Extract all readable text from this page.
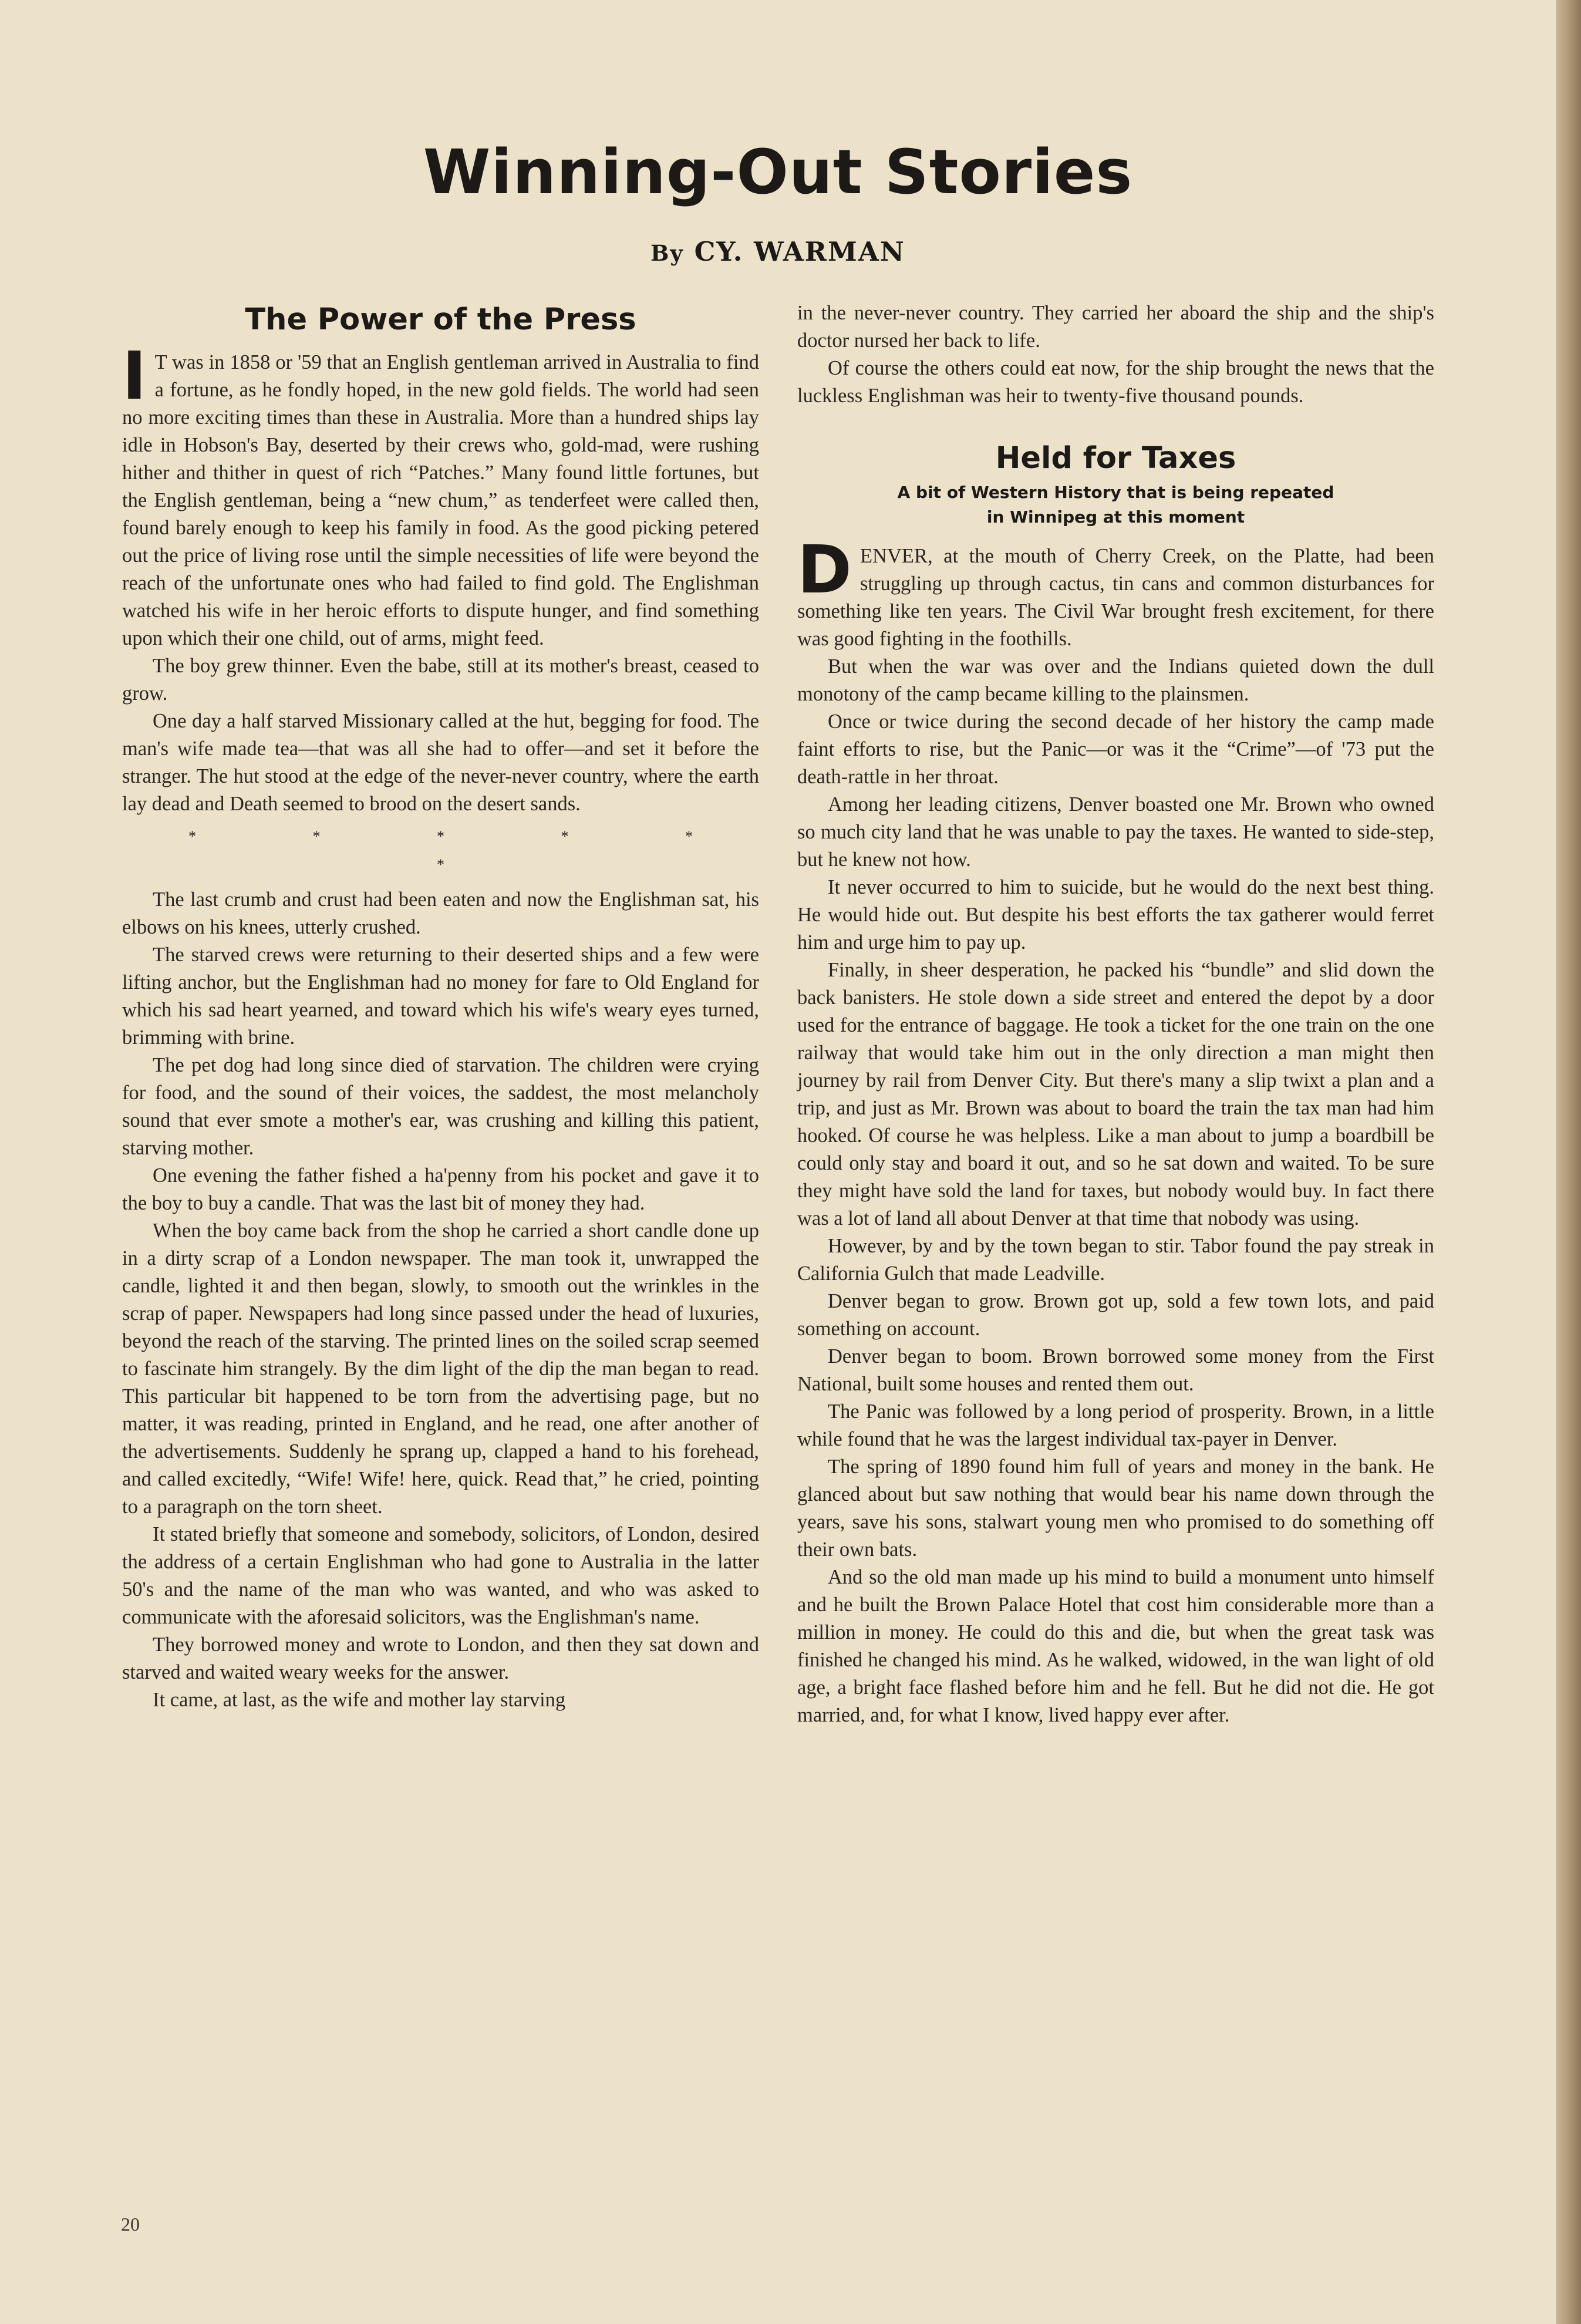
Winning-Out Stories
By CY. WARMAN
The Power of the Press

I T was in 1858 or '59 that an English gentleman arrived in Australia to find a fortune, as he fondly hoped, in the new gold fields. The world had seen no more exciting times than these in Australia. More than a hundred ships lay idle in Hobson's Bay, deserted by their crews who, gold-mad, were rushing hither and thither in quest of rich “Patches.” Many found little fortunes, but the English gentleman, being a “new chum,” as tenderfeet were called then, found barely enough to keep his family in food. As the good picking petered out the price of living rose until the simple necessities of life were beyond the reach of the unfortunate ones who had failed to find gold. The Englishman watched his wife in her heroic efforts to dispute hunger, and find something upon which their one child, out of arms, might feed.

The boy grew thinner. Even the babe, still at its mother's breast, ceased to grow.

One day a half starved Missionary called at the hut, begging for food. The man's wife made tea—that was all she had to offer—and set it before the stranger. The hut stood at the edge of the never-never country, where the earth lay dead and Death seemed to brood on the desert sands.

* * * * * *

The last crumb and crust had been eaten and now the Englishman sat, his elbows on his knees, utterly crushed.

The starved crews were returning to their deserted ships and a few were lifting anchor, but the Englishman had no money for fare to Old England for which his sad heart yearned, and toward which his wife's weary eyes turned, brimming with brine.

The pet dog had long since died of starvation. The children were crying for food, and the sound of their voices, the saddest, the most melancholy sound that ever smote a mother's ear, was crushing and killing this patient, starving mother.

One evening the father fished a ha'penny from his pocket and gave it to the boy to buy a candle. That was the last bit of money they had.

When the boy came back from the shop he carried a short candle done up in a dirty scrap of a London newspaper. The man took it, unwrapped the candle, lighted it and then began, slowly, to smooth out the wrinkles in the scrap of paper. Newspapers had long since passed under the head of luxuries, beyond the reach of the starving. The printed lines on the soiled scrap seemed to fascinate him strangely. By the dim light of the dip the man began to read. This particular bit happened to be torn from the advertising page, but no matter, it was reading, printed in England, and he read, one after another of the advertisements. Suddenly he sprang up, clapped a hand to his forehead, and called excitedly, “Wife! Wife! here, quick. Read that,” he cried, pointing to a paragraph on the torn sheet.

It stated briefly that someone and somebody, solicitors, of London, desired the address of a certain Englishman who had gone to Australia in the latter 50's and the name of the man who was wanted, and who was asked to communicate with the aforesaid solicitors, was the Englishman's name.

They borrowed money and wrote to London, and then they sat down and starved and waited weary weeks for the answer.

It came, at last, as the wife and mother lay starving

in the never-never country. They carried her aboard the ship and the ship's doctor nursed her back to life.

Of course the others could eat now, for the ship brought the news that the luckless Englishman was heir to twenty-five thousand pounds.

Held for Taxes
A bit of Western History that is being repeated
in Winnipeg at this moment

DENVER, at the mouth of Cherry Creek, on the Platte, had been struggling up through cactus, tin cans and common disturbances for something like ten years. The Civil War brought fresh excitement, for there was good fighting in the foothills.

But when the war was over and the Indians quieted down the dull monotony of the camp became killing to the plainsmen.

Once or twice during the second decade of her history the camp made faint efforts to rise, but the Panic—or was it the “Crime”—of '73 put the death-rattle in her throat.

Among her leading citizens, Denver boasted one Mr. Brown who owned so much city land that he was unable to pay the taxes. He wanted to side-step, but he knew not how.

It never occurred to him to suicide, but he would do the next best thing. He would hide out. But despite his best efforts the tax gatherer would ferret him and urge him to pay up.

Finally, in sheer desperation, he packed his “bundle” and slid down the back banisters. He stole down a side street and entered the depot by a door used for the entrance of baggage. He took a ticket for the one train on the one railway that would take him out in the only direction a man might then journey by rail from Denver City. But there's many a slip twixt a plan and a trip, and just as Mr. Brown was about to board the train the tax man had him hooked. Of course he was helpless. Like a man about to jump a boardbill be could only stay and board it out, and so he sat down and waited. To be sure they might have sold the land for taxes, but nobody would buy. In fact there was a lot of land all about Denver at that time that nobody was using.

However, by and by the town began to stir. Tabor found the pay streak in California Gulch that made Leadville.

Denver began to grow. Brown got up, sold a few town lots, and paid something on account.

Denver began to boom. Brown borrowed some money from the First National, built some houses and rented them out.

The Panic was followed by a long period of prosperity. Brown, in a little while found that he was the largest individual tax-payer in Denver.

The spring of 1890 found him full of years and money in the bank. He glanced about but saw nothing that would bear his name down through the years, save his sons, stalwart young men who promised to do something off their own bats.

And so the old man made up his mind to build a monument unto himself and he built the Brown Palace Hotel that cost him considerable more than a million in money. He could do this and die, but when the great task was finished he changed his mind. As he walked, widowed, in the wan light of old age, a bright face flashed before him and he fell. But he did not die. He got married, and, for what I know, lived happy ever after.

20
